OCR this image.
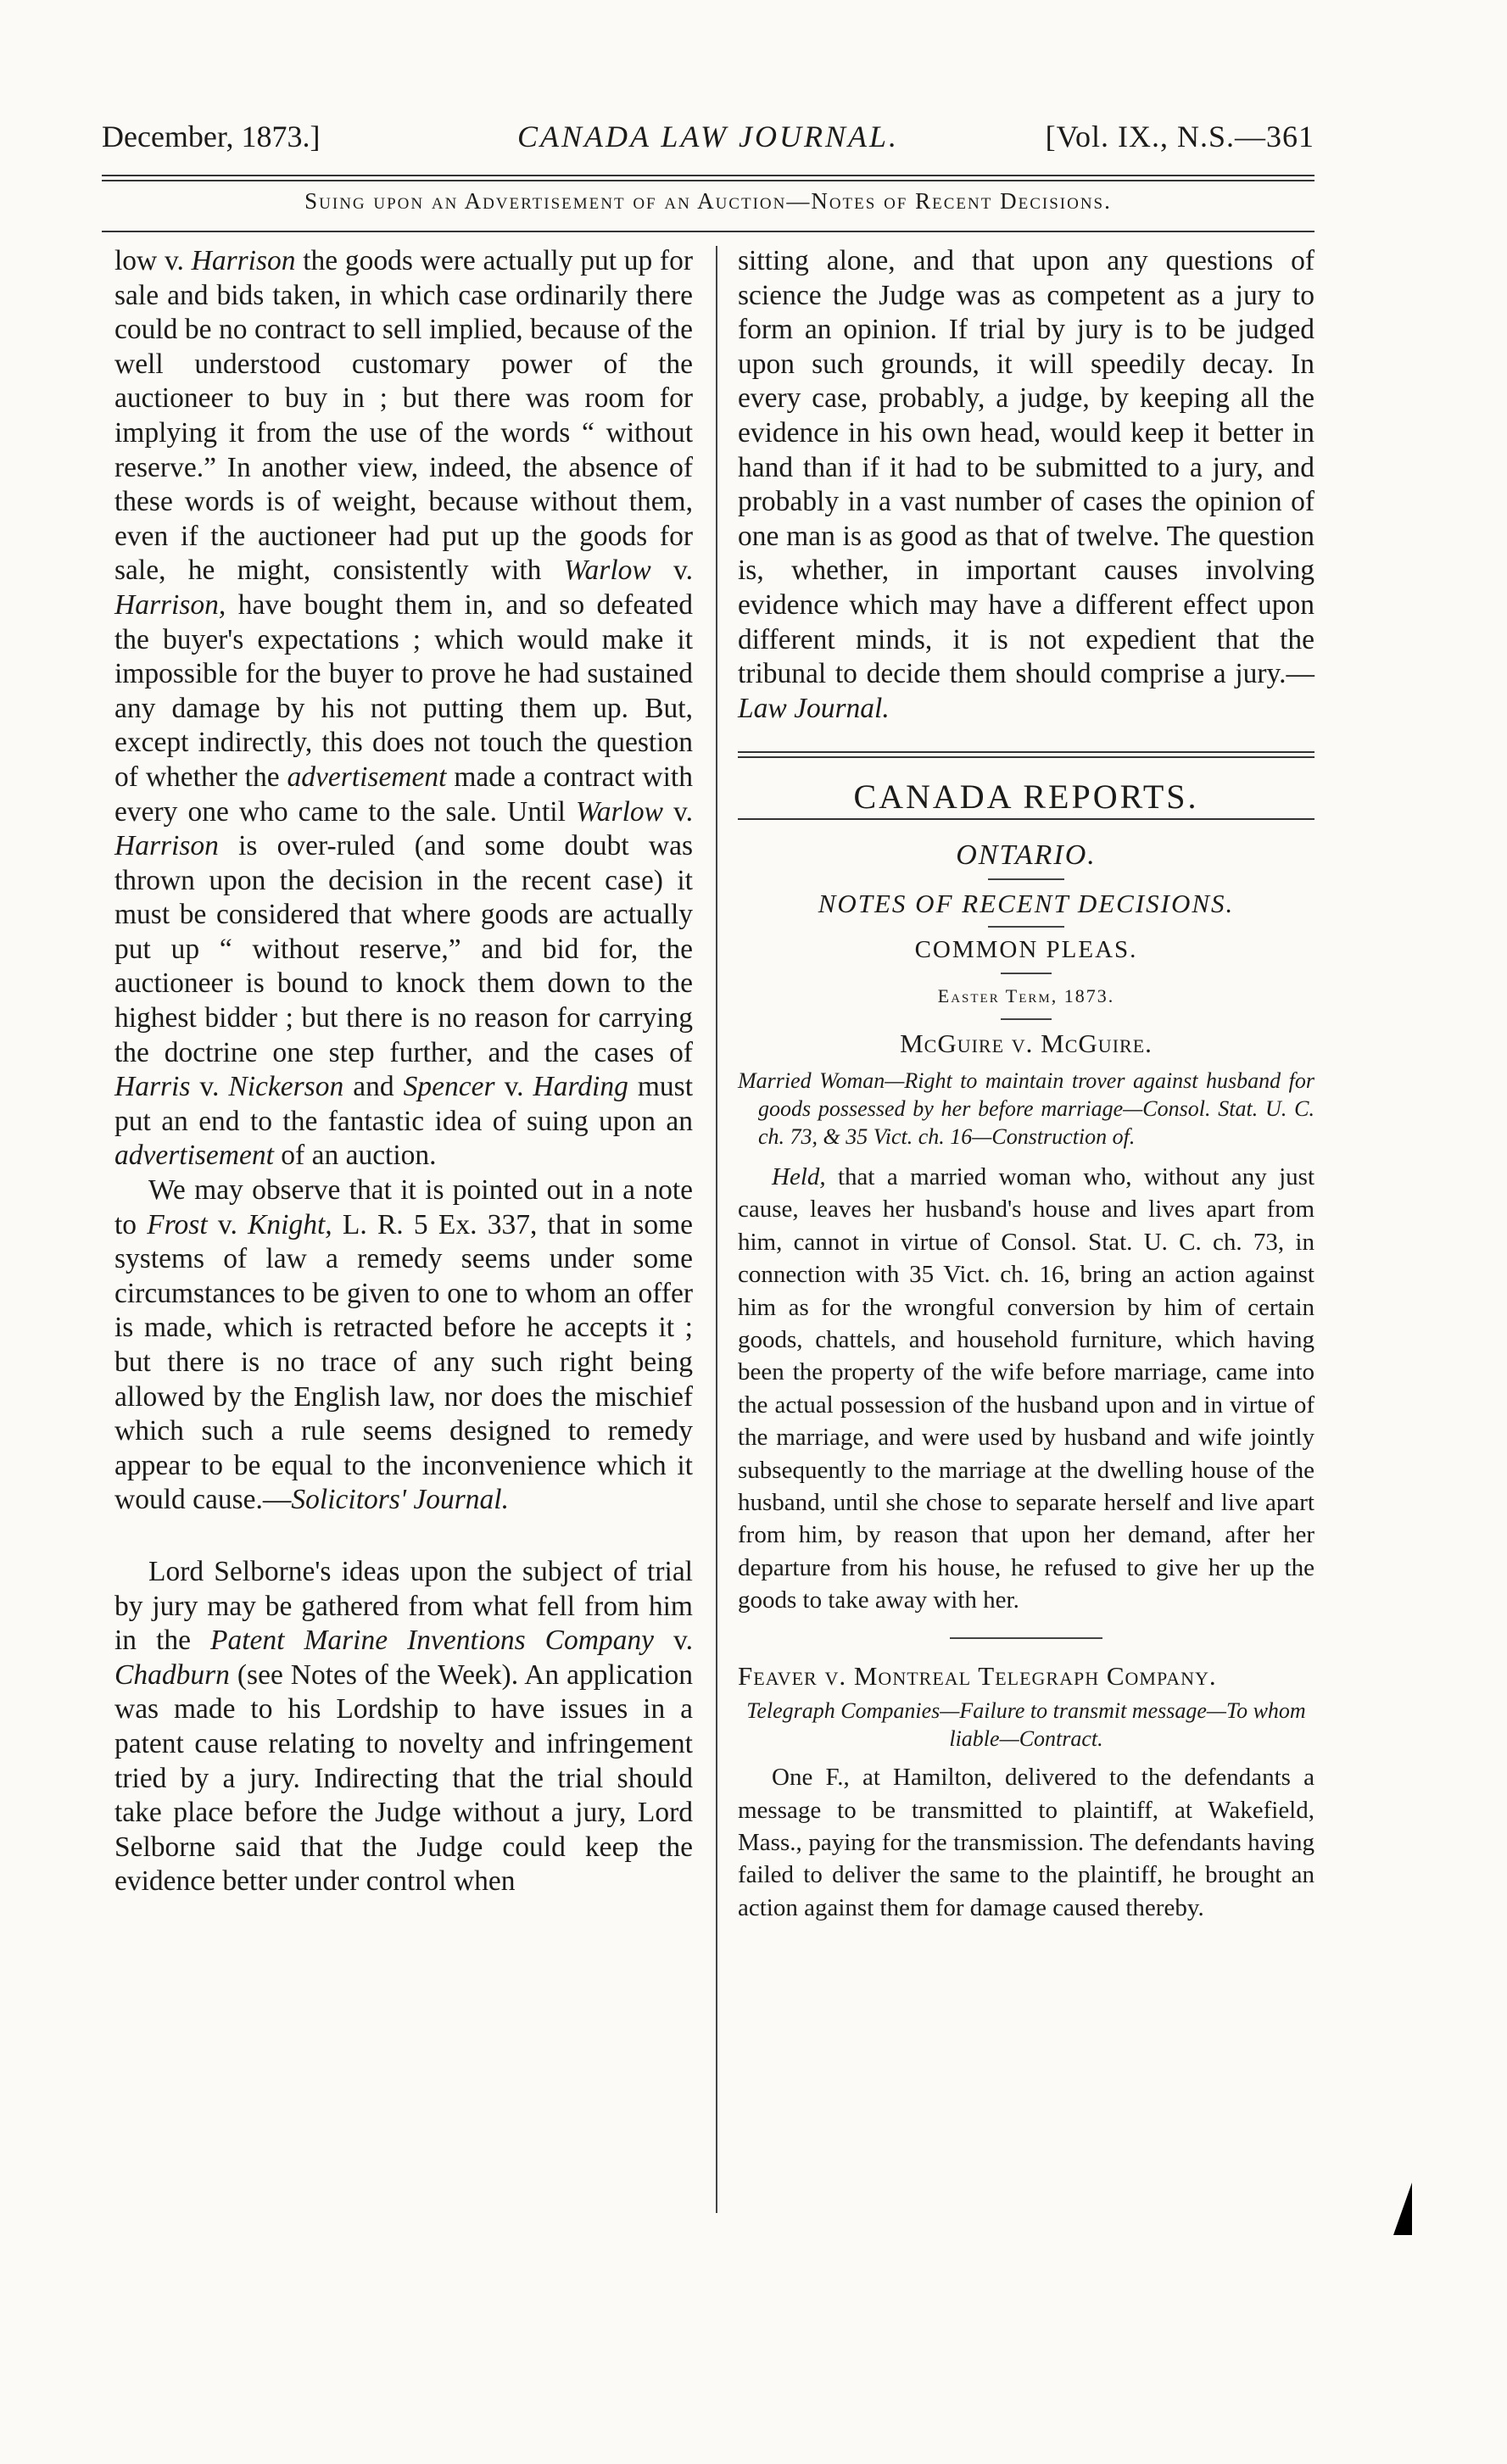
December, 1873.]	CANADA LAW JOURNAL.	[Vol. IX., N.S.—361
Suing upon an Advertisement of an Auction—Notes of Recent Decisions.

low v. Harrison the goods were actually put up for sale and bids taken, in which case ordinarily there could be no contract to sell implied, because of the well understood customary power of the auctioneer to buy in ; but there was room for implying it from the use of the words “ without reserve.” In another view, indeed, the absence of these words is of weight, because without them, even if the auctioneer had put up the goods for sale, he might, consistently with Warlow v. Harrison, have bought them in, and so defeated the buyer's expectations ; which would make it impossible for the buyer to prove he had sustained any damage by his not putting them up. But, except indirectly, this does not touch the question of whether the advertisement made a contract with every one who came to the sale. Until Warlow v. Harrison is over-ruled (and some doubt was thrown upon the decision in the recent case) it must be considered that where goods are actually put up “ without reserve,” and bid for, the auctioneer is bound to knock them down to the highest bidder ; but there is no reason for carrying the doctrine one step further, and the cases of Harris v. Nickerson and Spencer v. Harding must put an end to the fantastic idea of suing upon an advertisement of an auction.

We may observe that it is pointed out in a note to Frost v. Knight, L. R. 5 Ex. 337, that in some systems of law a remedy seems under some circumstances to be given to one to whom an offer is made, which is retracted before he accepts it ; but there is no trace of any such right being allowed by the English law, nor does the mischief which such a rule seems designed to remedy appear to be equal to the inconvenience which it would cause.—Solicitors' Journal.

Lord Selborne's ideas upon the subject of trial by jury may be gathered from what fell from him in the Patent Marine Inventions Company v. Chadburn (see Notes of the Week). An application was made to his Lordship to have issues in a patent cause relating to novelty and infringement tried by a jury. Indirecting that the trial should take place before the Judge without a jury, Lord Selborne said that the Judge could keep the evidence better under control when

sitting alone, and that upon any questions of science the Judge was as competent as a jury to form an opinion. If trial by jury is to be judged upon such grounds, it will speedily decay. In every case, probably, a judge, by keeping all the evidence in his own head, would keep it better in hand than if it had to be submitted to a jury, and probably in a vast number of cases the opinion of one man is as good as that of twelve. The question is, whether, in important causes involving evidence which may have a different effect upon different minds, it is not expedient that the tribunal to decide them should comprise a jury.—Law Journal.

CANADA REPORTS.
ONTARIO.
NOTES OF RECENT DECISIONS.
COMMON PLEAS.
Easter Term, 1873.
McGuire v. McGuire.

Married Woman—Right to maintain trover against husband for goods possessed by her before marriage—Consol. Stat. U. C. ch. 73, & 35 Vict. ch. 16—Construction of.

Held, that a married woman who, without any just cause, leaves her husband's house and lives apart from him, cannot in virtue of Consol. Stat. U. C. ch. 73, in connection with 35 Vict. ch. 16, bring an action against him as for the wrongful conversion by him of certain goods, chattels, and household furniture, which having been the property of the wife before marriage, came into the actual possession of the husband upon and in virtue of the marriage, and were used by husband and wife jointly subsequently to the marriage at the dwelling house of the husband, until she chose to separate herself and live apart from him, by reason that upon her demand, after her departure from his house, he refused to give her up the goods to take away with her.

Feaver v. Montreal Telegraph Company.

Telegraph Companies—Failure to transmit message—To whom liable—Contract.

One F., at Hamilton, delivered to the defendants a message to be transmitted to plaintiff, at Wakefield, Mass., paying for the transmission. The defendants having failed to deliver the same to the plaintiff, he brought an action against them for damage caused thereby.
